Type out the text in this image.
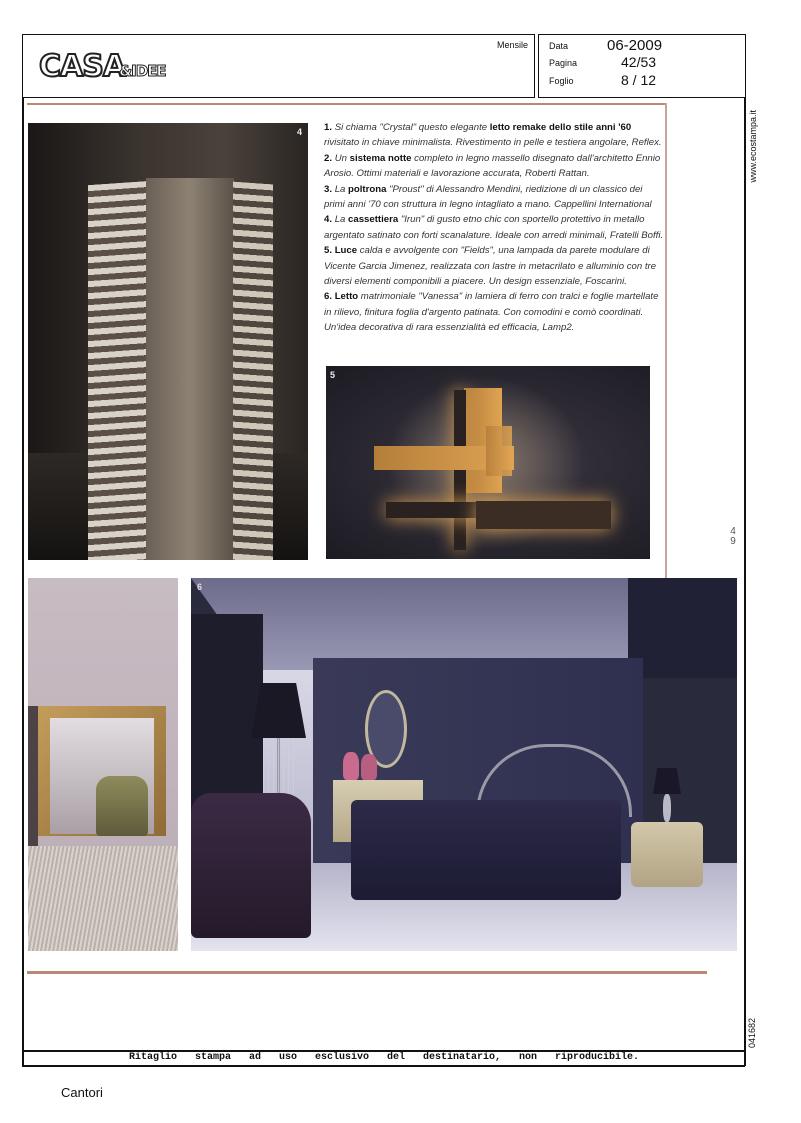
CASA&IDEE
Mensile Data	06-2009
Pagina	42/53
Foglio	8 / 12
www.ecostampa.it
041682
4 1. Si chiama "Crystal" questo elegante letto remake dello stile anni '60 rivisitato in chiave minimalista. Rivestimento in pelle e testiera angolare, Reflex.

2. Un sistema notte completo in legno massello disegnato dall'architetto Ennio Arosio. Ottimi materiali e lavorazione accurata, Roberti Rattan.

3. La poltrona "Proust" di Alessandro Mendini, riedizione di un classico dei primi anni '70 con struttura in legno intagliato a mano. Cappellini International

4. La cassettiera "Irun" di gusto etno chic con sportello protettivo in metallo argentato satinato con forti scanalature. Ideale con arredi minimali, Fratelli Boffi.

5. Luce calda e avvolgente con "Fields", una lampada da parete modulare di Vicente Garcia Jimenez, realizzata con lastre in metacrilato e alluminio con tre diversi elementi componibili a piacere. Un design essenziale, Foscarini.

6. Letto matrimoniale "Vanessa" in lamiera di ferro con tralci e foglie martellate in rilievo, finitura foglia d'argento patinata. Con comodini e comò coordinati. Un'idea decorativa di rara essenzialità ed efficacia, Lamp2.

5
49
6
Ritaglio stampa ad uso esclusivo del destinatario, non riproducibile.
Cantori
